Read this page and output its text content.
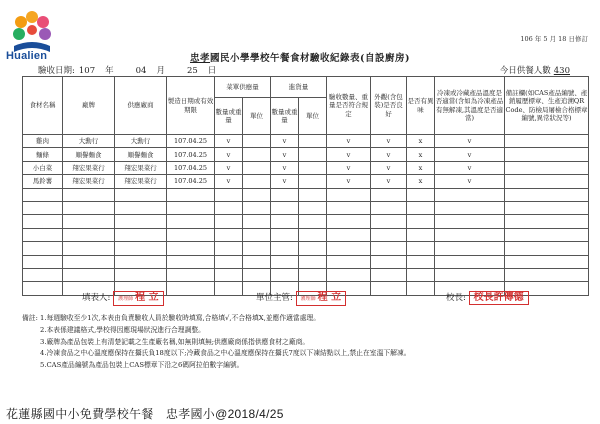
Hualien
106 年 5 月 18 日修訂
忠孝國民小學學校午餐食材驗收紀錄表(自設廚房)
驗收日期: 107 年	04 月	25 日	今日供餐人數 430
食材名稱	廠牌	供應廠商	製造日期或有效期限	菜單供應量		進貨量		驗收數量、重量是否符合規定	外觀(含包裝)是否良好	是否有異味	冷凍或冷藏產品溫度是否適當(含如為冷凍產品有無解凍,其溫度是否適當)	備註欄(如CAS產品編號、產銷履歷標章、生產追溯QR Code、防檢局屠檢合格標章編號,異常狀況等)
				數量或重量	單位	數量或重量	單位					
雞肉	大勳行	大勳行	107.04.25	v		v		v	v	x	v	
麵條	順譽麵食	順譽麵食	107.04.25	v		v		v	v	x	v	
小白菜	翔宏果菜行	翔宏果菜行	107.04.25	v		v		v	v	x	v	
馬鈴薯	翔宏果菜行	翔宏果菜行	107.04.25	v		v		v	v	x	v	

填表人: 護理師 程 立	單位主管: 護理師 程 立	校長: 校長許傳德
備註: 1.每週驗收至少1次,本表由負責驗收人員於驗收時填寫,合格填√,不合格填X,並應作適當處理。
2.本表係建議格式,學校得因應現場狀況進行合理調整。
3.廠牌為產品包裝上有清楚記載之生產廠名稱,如無則填無;供應廠商係指供應食材之廠商。
4.冷凍食品之中心溫度應保持在攝氏負18度以下;冷藏食品之中心溫度應保持在攝氏7度以下凍結點以上,禁止在室溫下解凍。
5.CAS產品編號為產品包裝上CAS標章下沿之6碼阿拉伯數字編號。
花蓮縣國中小免費學校午餐　忠孝國小@2018/4/25
